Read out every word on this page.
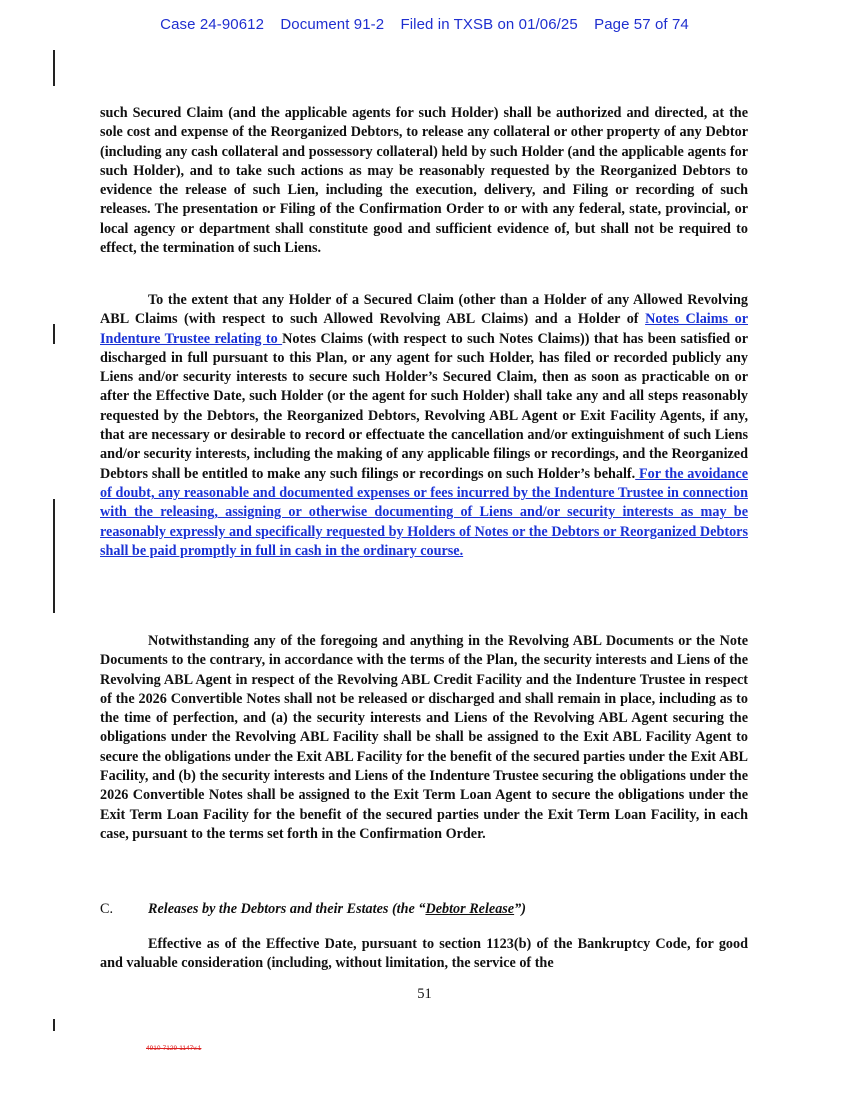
Case 24-90612 Document 91-2 Filed in TXSB on 01/06/25 Page 57 of 74

such Secured Claim (and the applicable agents for such Holder) shall be authorized and directed, at the sole cost and expense of the Reorganized Debtors, to release any collateral or other property of any Debtor (including any cash collateral and possessory collateral) held by such Holder (and the applicable agents for such Holder), and to take such actions as may be reasonably requested by the Reorganized Debtors to evidence the release of such Lien, including the execution, delivery, and Filing or recording of such releases. The presentation or Filing of the Confirmation Order to or with any federal, state, provincial, or local agency or department shall constitute good and sufficient evidence of, but shall not be required to effect, the termination of such Liens.

To the extent that any Holder of a Secured Claim (other than a Holder of any Allowed Revolving ABL Claims (with respect to such Allowed Revolving ABL Claims) and a Holder of Notes Claims or Indenture Trustee relating to Notes Claims (with respect to such Notes Claims)) that has been satisfied or discharged in full pursuant to this Plan, or any agent for such Holder, has filed or recorded publicly any Liens and/or security interests to secure such Holder’s Secured Claim, then as soon as practicable on or after the Effective Date, such Holder (or the agent for such Holder) shall take any and all steps reasonably requested by the Debtors, the Reorganized Debtors, Revolving ABL Agent or Exit Facility Agents, if any, that are necessary or desirable to record or effectuate the cancellation and/or extinguishment of such Liens and/or security interests, including the making of any applicable filings or recordings, and the Reorganized Debtors shall be entitled to make any such filings or recordings on such Holder’s behalf. For the avoidance of doubt, any reasonable and documented expenses or fees incurred by the Indenture Trustee in connection with the releasing, assigning or otherwise documenting of Liens and/or security interests as may be reasonably expressly and specifically requested by Holders of Notes or the Debtors or Reorganized Debtors shall be paid promptly in full in cash in the ordinary course.

Notwithstanding any of the foregoing and anything in the Revolving ABL Documents or the Note Documents to the contrary, in accordance with the terms of the Plan, the security interests and Liens of the Revolving ABL Agent in respect of the Revolving ABL Credit Facility and the Indenture Trustee in respect of the 2026 Convertible Notes shall not be released or discharged and shall remain in place, including as to the time of perfection, and (a) the security interests and Liens of the Revolving ABL Agent securing the obligations under the Revolving ABL Facility shall be shall be assigned to the Exit ABL Facility Agent to secure the obligations under the Exit ABL Facility for the benefit of the secured parties under the Exit ABL Facility, and (b) the security interests and Liens of the Indenture Trustee securing the obligations under the 2026 Convertible Notes shall be assigned to the Exit Term Loan Agent to secure the obligations under the Exit Term Loan Facility for the benefit of the secured parties under the Exit Term Loan Facility, in each case, pursuant to the terms set forth in the Confirmation Order.

C. Releases by the Debtors and their Estates (the “Debtor Release”)

Effective as of the Effective Date, pursuant to section 1123(b) of the Bankruptcy Code, for good and valuable consideration (including, without limitation, the service of the

51
4910-7129-1147v.1
